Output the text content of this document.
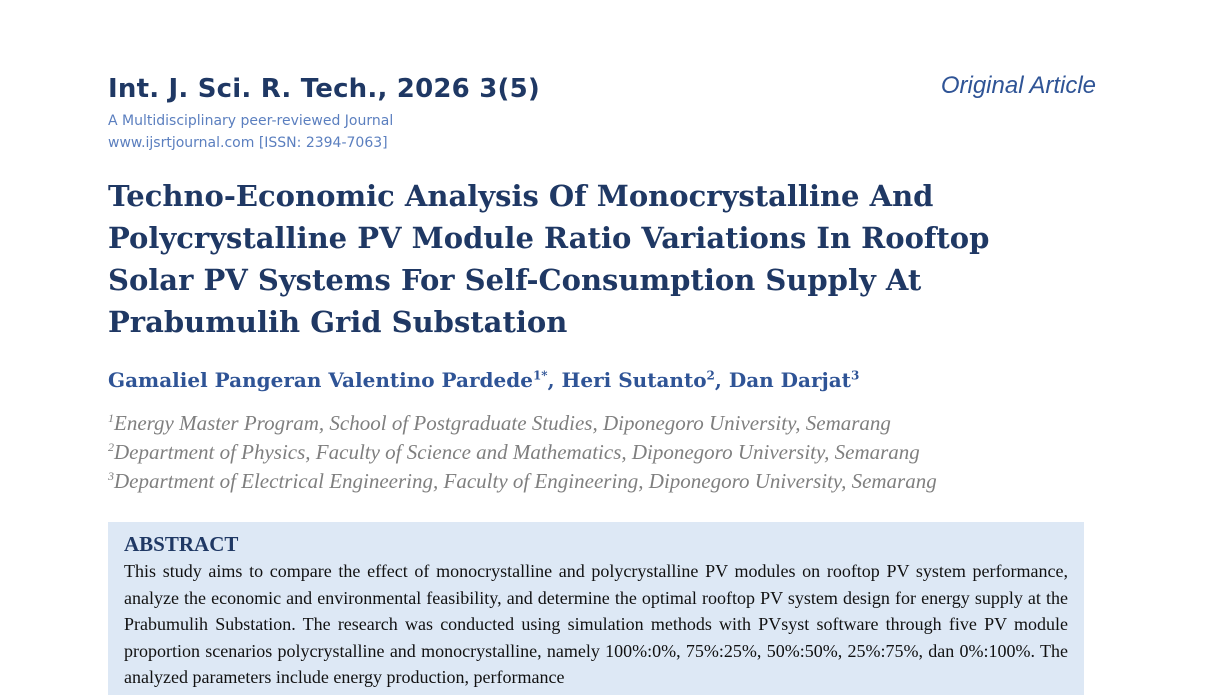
Int. J. Sci. R. Tech., 2026 3(5)
A Multidisciplinary peer-reviewed Journal
www.ijsrtjournal.com [ISSN: 2394-7063]
Original Article
Techno-Economic Analysis Of Monocrystalline And Polycrystalline PV Module Ratio Variations In Rooftop Solar PV Systems For Self-Consumption Supply At Prabumulih Grid Substation
Gamaliel Pangeran Valentino Pardede$^{1*}$, Heri Sutanto$^2$, Dan Darjat$^3$
$^1$Energy Master Program, School of Postgraduate Studies, Diponegoro University, Semarang
$^2$Department of Physics, Faculty of Science and Mathematics, Diponegoro University, Semarang
$^3$Department of Electrical Engineering, Faculty of Engineering, Diponegoro University, Semarang
ABSTRACT

This study aims to compare the effect of monocrystalline and polycrystalline PV modules on rooftop PV system performance, analyze the economic and environmental feasibility, and determine the optimal rooftop PV system design for energy supply at the Prabumulih Substation. The research was conducted using simulation methods with PVsyst software through five PV module proportion scenarios polycrystalline and monocrystalline, namely 100%:0%, 75%:25%, 50%:50%, 25%:75%, dan 0%:100%. The analyzed parameters include energy production, performance
